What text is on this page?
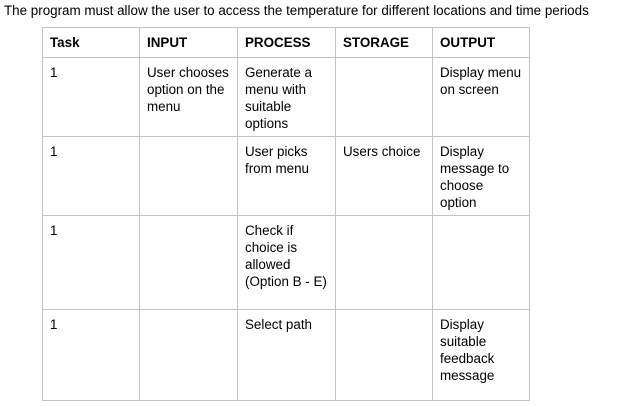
The program must allow the user to access the temperature for different locations and time periods

Task	INPUT	PROCESS	STORAGE	OUTPUT
1	User chooses option on the menu	Generate a menu with suitable options		Display menu on screen
1		User picks from menu	Users choice	Display message to choose option
1		Check if choice is allowed (Option B - E)		
1		Select path		Display suitable feedback message
